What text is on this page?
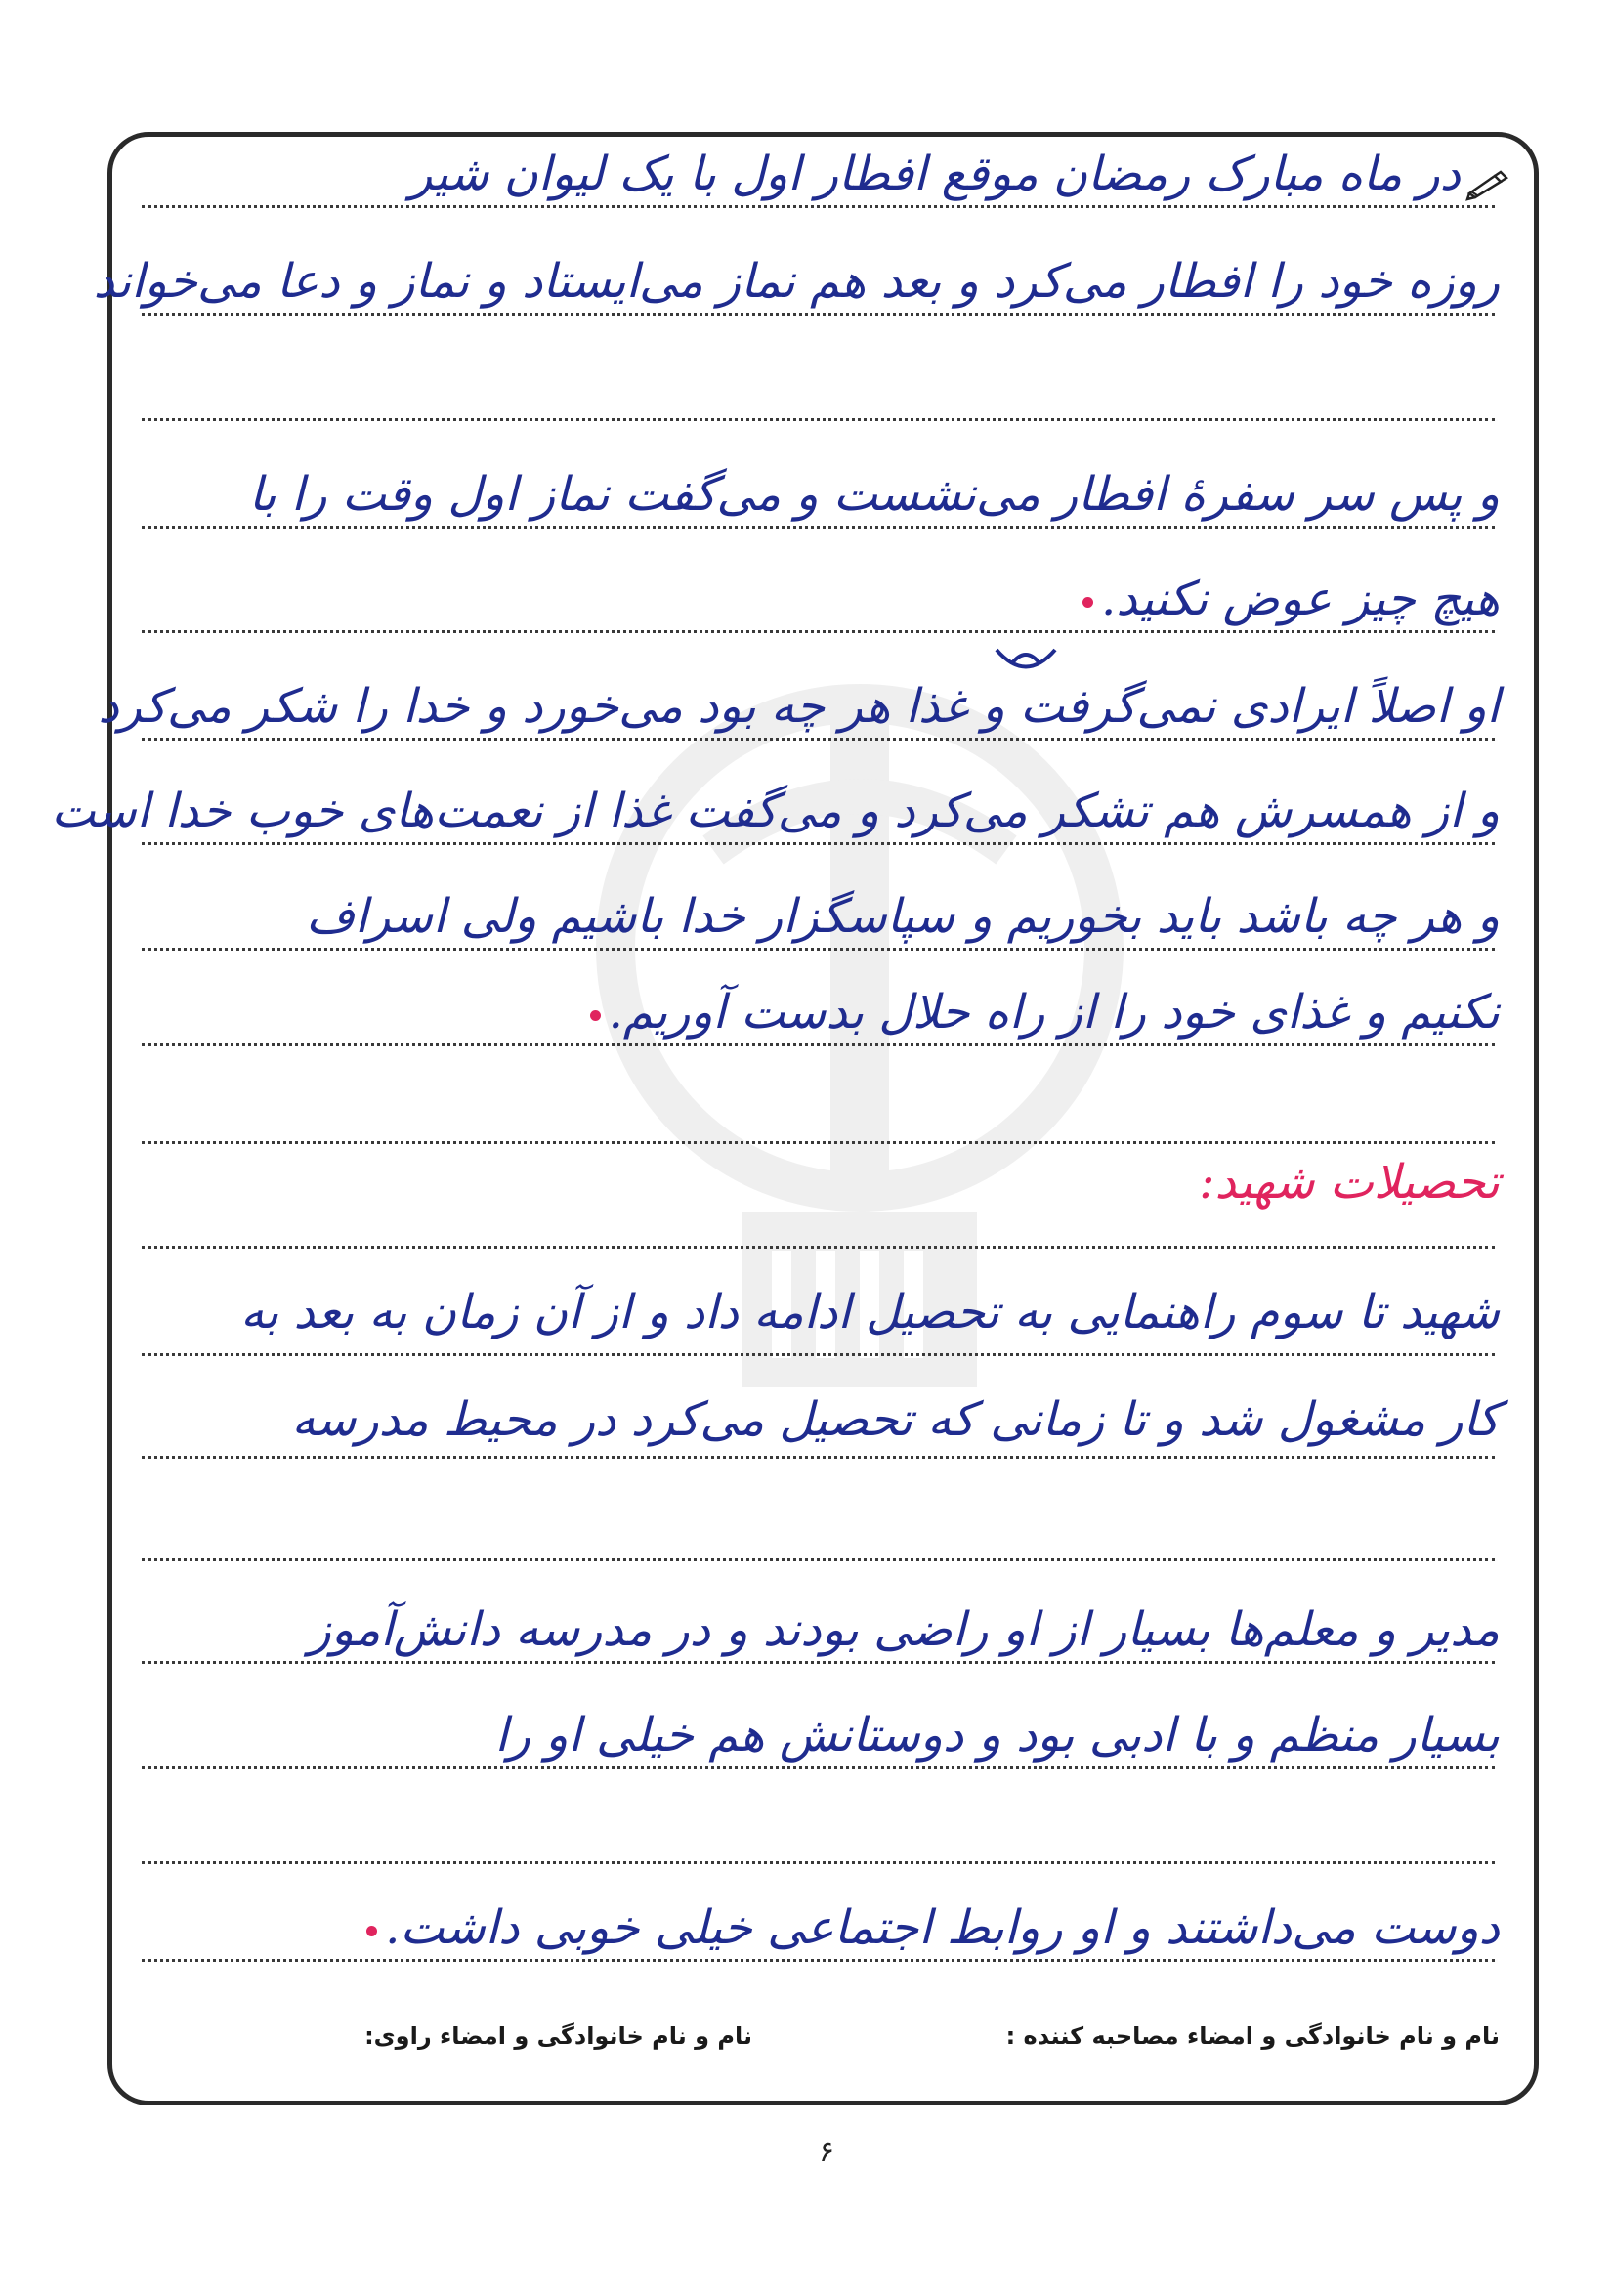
در ماه مبارک رمضان موقع افطار اول با یک لیوان شیر
روزه خود را افطار می‌کرد و بعد هم نماز می‌ایستاد و نماز و دعا می‌خواند
و پس سر سفرهٔ افطار می‌نشست و می‌گفت نماز اول وقت را با
هیچ چیز عوض نکنید.
او اصلاً ایرادی نمی‌گرفت و غذا هر چه بود می‌خورد و خدا را شکر می‌کرد
و از همسرش هم تشکر می‌کرد و می‌گفت غذا از نعمت‌های خوب خدا است
و هر چه باشد باید بخوریم و سپاسگزار خدا باشیم ولی اسراف
نکنیم و غذای خود را از راه حلال بدست آوریم.
تحصیلات شهید:
شهید تا سوم راهنمایی به تحصیل ادامه داد و از آن زمان به بعد به
کار مشغول شد و تا زمانی که تحصیل می‌کرد در محیط مدرسه
مدیر و معلم‌ها بسیار از او راضی بودند و در مدرسه دانش‌آموز
بسیار منظم و با ادبی بود و دوستانش هم خیلی او را
دوست می‌داشتند و او روابط اجتماعی خیلی خوبی داشت.
نام و نام خانوادگی و امضاء مصاحبه کننده :
نام و نام خانوادگی و امضاء راوی:
۶
